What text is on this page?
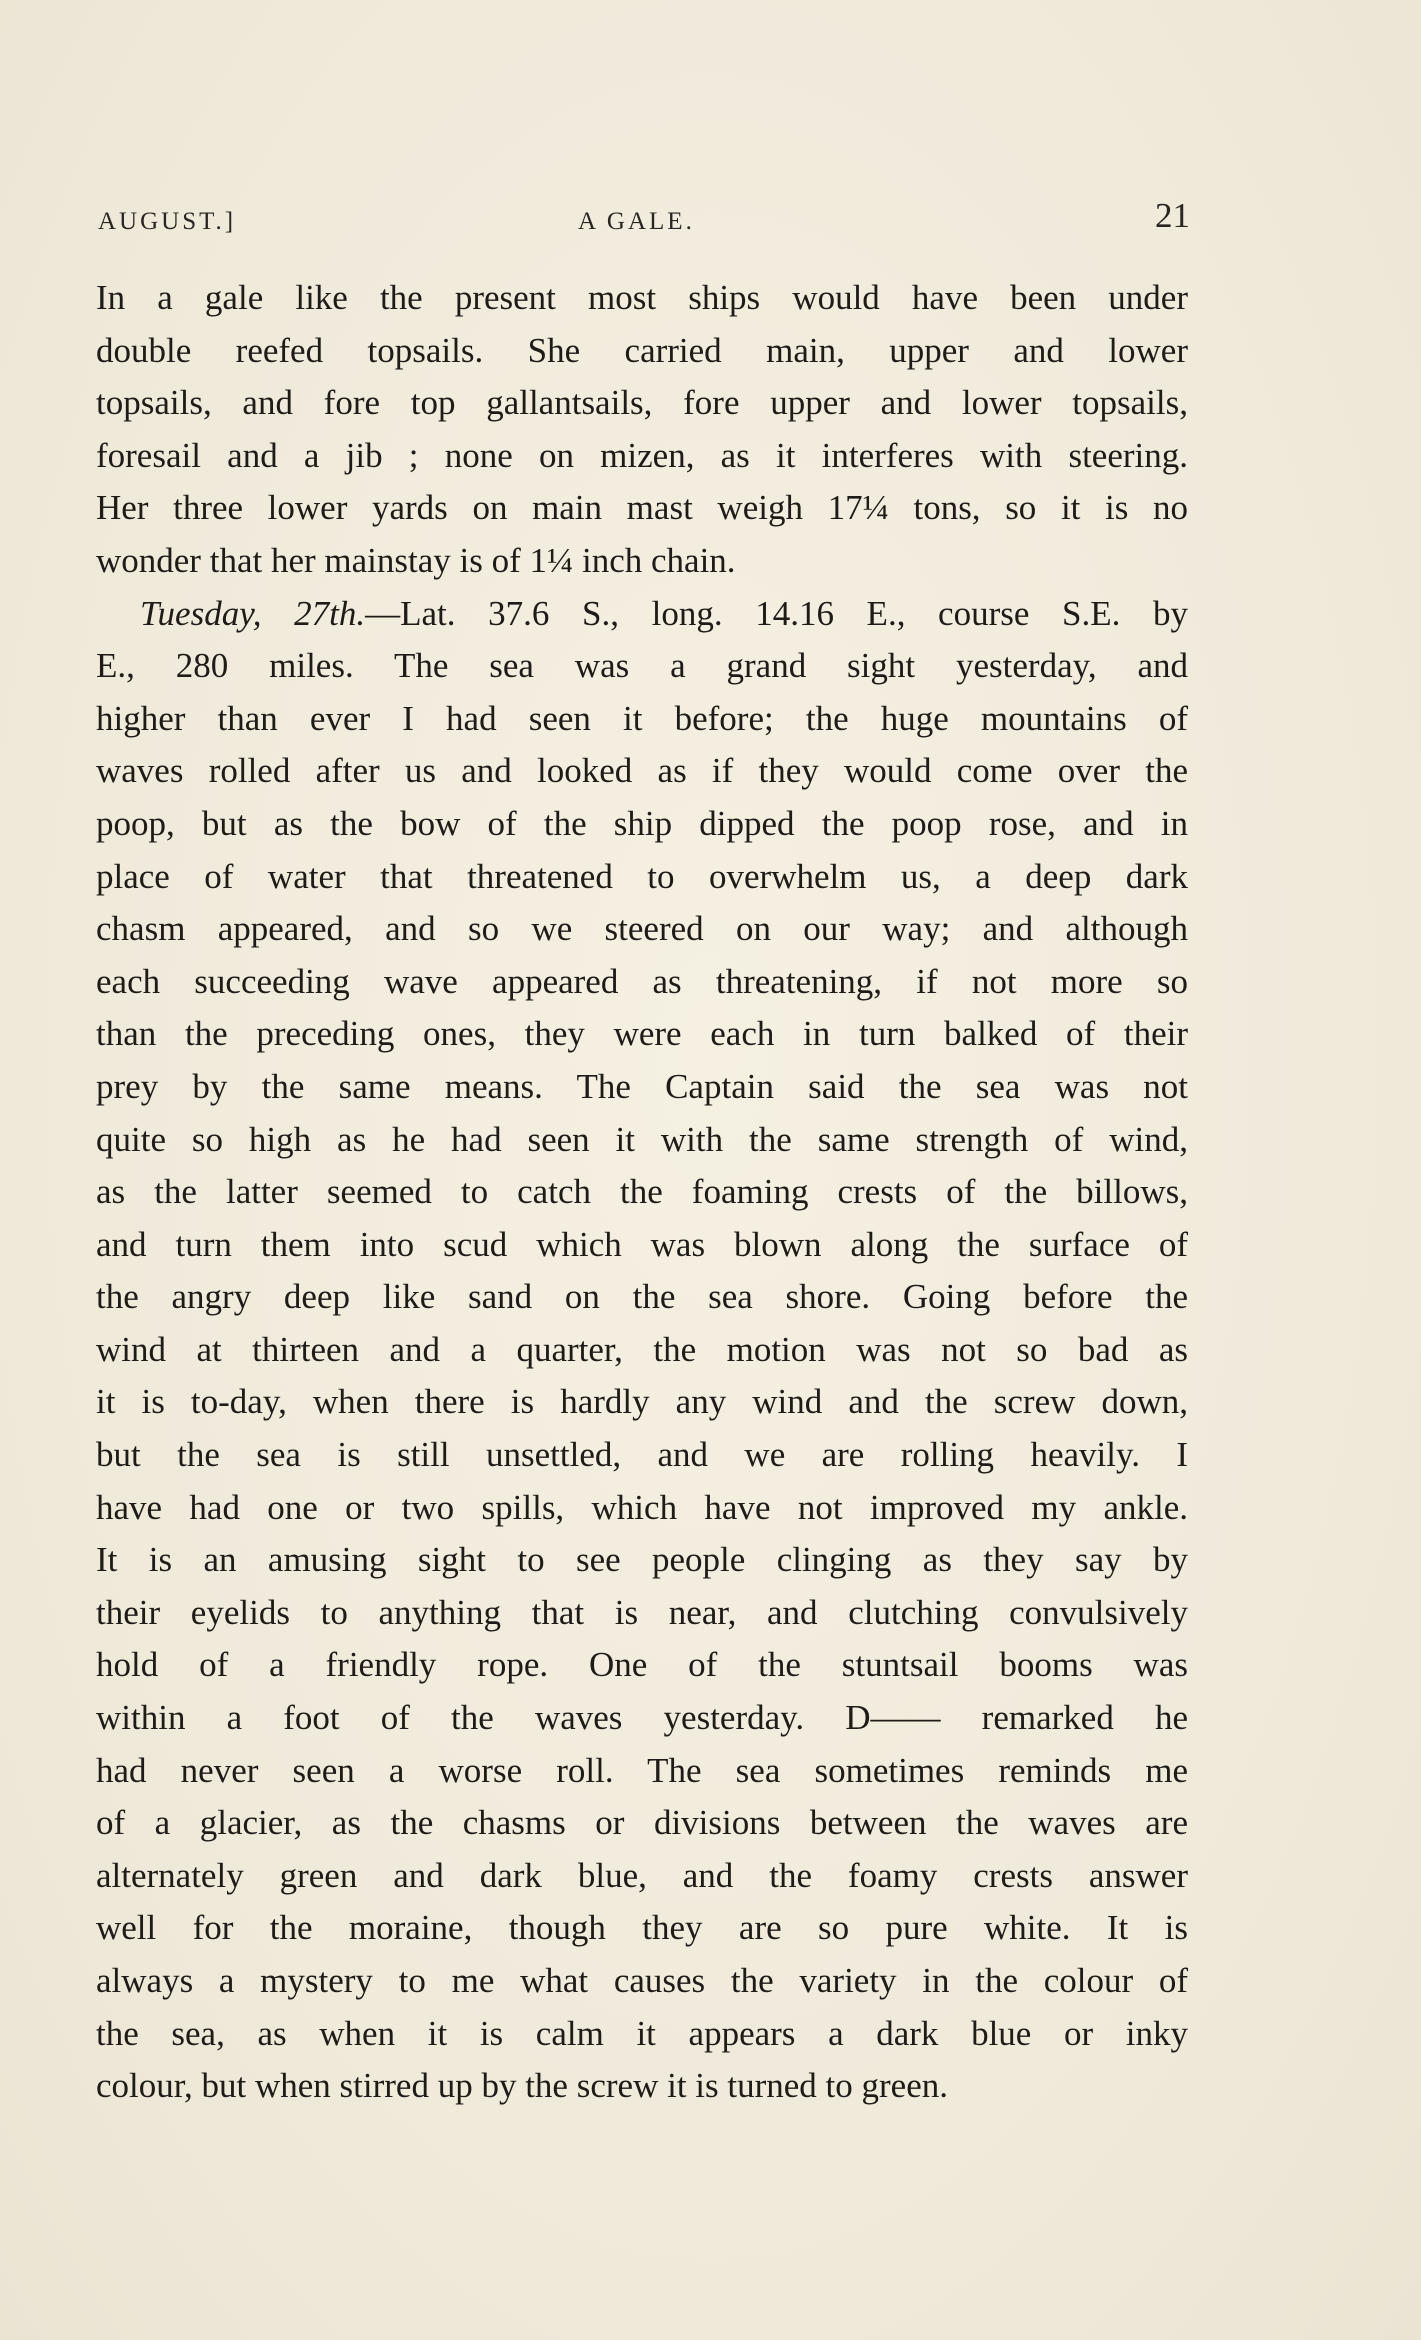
AUGUST.]	A GALE.	21
In a gale like the present most ships would have been under
double reefed topsails. She carried main, upper and lower
topsails, and fore top gallantsails, fore upper and lower topsails,
foresail and a jib ; none on mizen, as it interferes with steering.
Her three lower yards on main mast weigh 17¼ tons, so it is no
wonder that her mainstay is of 1¼ inch chain.
Tuesday, 27th.—Lat. 37.6 S., long. 14.16 E., course S.E. by
E., 280 miles. The sea was a grand sight yesterday, and
higher than ever I had seen it before; the huge mountains of
waves rolled after us and looked as if they would come over the
poop, but as the bow of the ship dipped the poop rose, and in
place of water that threatened to overwhelm us, a deep dark
chasm appeared, and so we steered on our way; and although
each succeeding wave appeared as threatening, if not more so
than the preceding ones, they were each in turn balked of their
prey by the same means. The Captain said the sea was not
quite so high as he had seen it with the same strength of wind,
as the latter seemed to catch the foaming crests of the billows,
and turn them into scud which was blown along the surface of
the angry deep like sand on the sea shore. Going before the
wind at thirteen and a quarter, the motion was not so bad as
it is to-day, when there is hardly any wind and the screw down,
but the sea is still unsettled, and we are rolling heavily. I
have had one or two spills, which have not improved my ankle.
It is an amusing sight to see people clinging as they say by
their eyelids to anything that is near, and clutching convulsively
hold of a friendly rope. One of the stuntsail booms was
within a foot of the waves yesterday. D—— remarked he
had never seen a worse roll. The sea sometimes reminds me
of a glacier, as the chasms or divisions between the waves are
alternately green and dark blue, and the foamy crests answer
well for the moraine, though they are so pure white. It is
always a mystery to me what causes the variety in the colour of
the sea, as when it is calm it appears a dark blue or inky
colour, but when stirred up by the screw it is turned to green.
